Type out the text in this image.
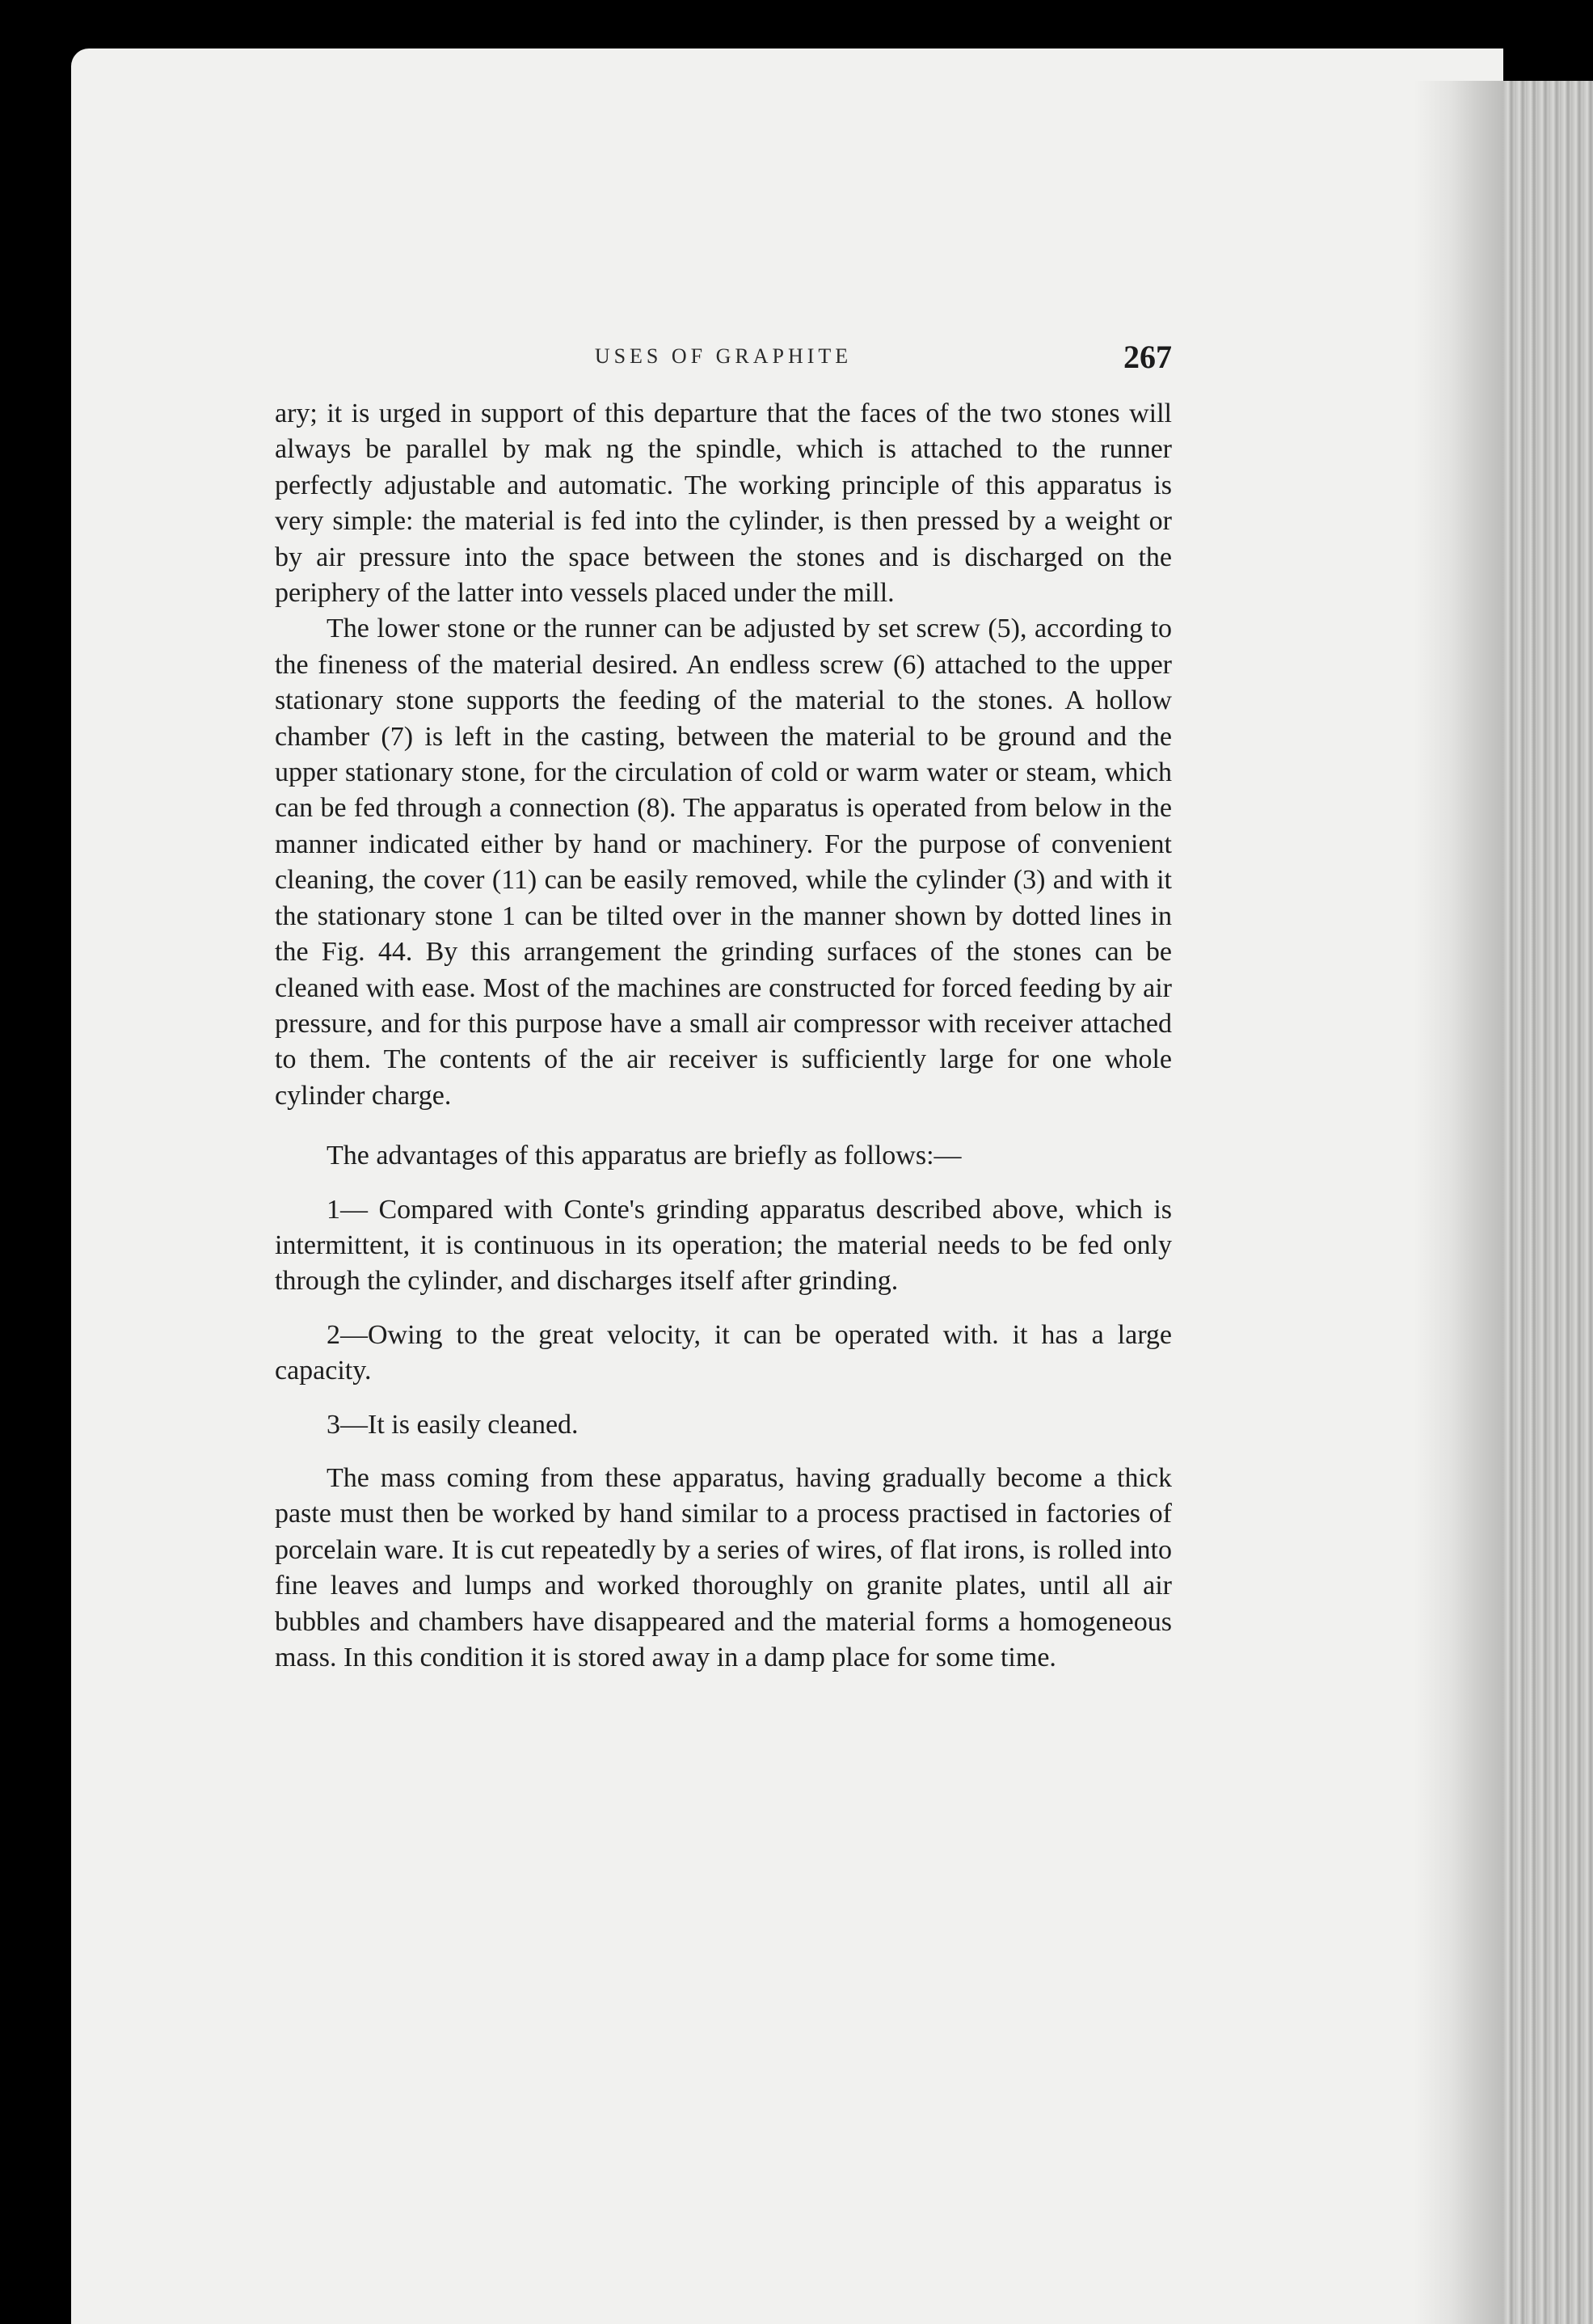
USES OF GRAPHITE	267

ary; it is urged in support of this departure that the faces of the two stones will always be parallel by mak ng the spindle, which is attached to the runner perfectly adjustable and automatic. The working principle of this apparatus is very simple: the material is fed into the cylinder, is then pressed by a weight or by air pressure into the space between the stones and is discharged on the periphery of the latter into vessels placed under the mill.

The lower stone or the runner can be adjusted by set screw (5), according to the fineness of the material desired. An endless screw (6) attached to the upper stationary stone supports the feeding of the material to the stones. A hollow chamber (7) is left in the casting, between the material to be ground and the upper stationary stone, for the circulation of cold or warm water or steam, which can be fed through a connection (8). The apparatus is operated from below in the manner indicated either by hand or machinery. For the purpose of convenient cleaning, the cover (11) can be easily removed, while the cylinder (3) and with it the stationary stone 1 can be tilted over in the manner shown by dotted lines in the Fig. 44. By this arrangement the grinding surfaces of the stones can be cleaned with ease. Most of the machines are constructed for forced feeding by air pressure, and for this purpose have a small air compressor with receiver attached to them. The contents of the air receiver is sufficiently large for one whole cylinder charge.

The advantages of this apparatus are briefly as follows:—

1— Compared with Conte's grinding apparatus described above, which is intermittent, it is continuous in its operation; the material needs to be fed only through the cylinder, and discharges itself after grinding.

2—Owing to the great velocity, it can be operated with. it has a large capacity.

3—It is easily cleaned.

The mass coming from these apparatus, having gradually become a thick paste must then be worked by hand similar to a process practised in factories of porcelain ware. It is cut repeatedly by a series of wires, of flat irons, is rolled into fine leaves and lumps and worked thoroughly on granite plates, until all air bubbles and chambers have disappeared and the material forms a homogeneous mass. In this condition it is stored away in a damp place for some time.
